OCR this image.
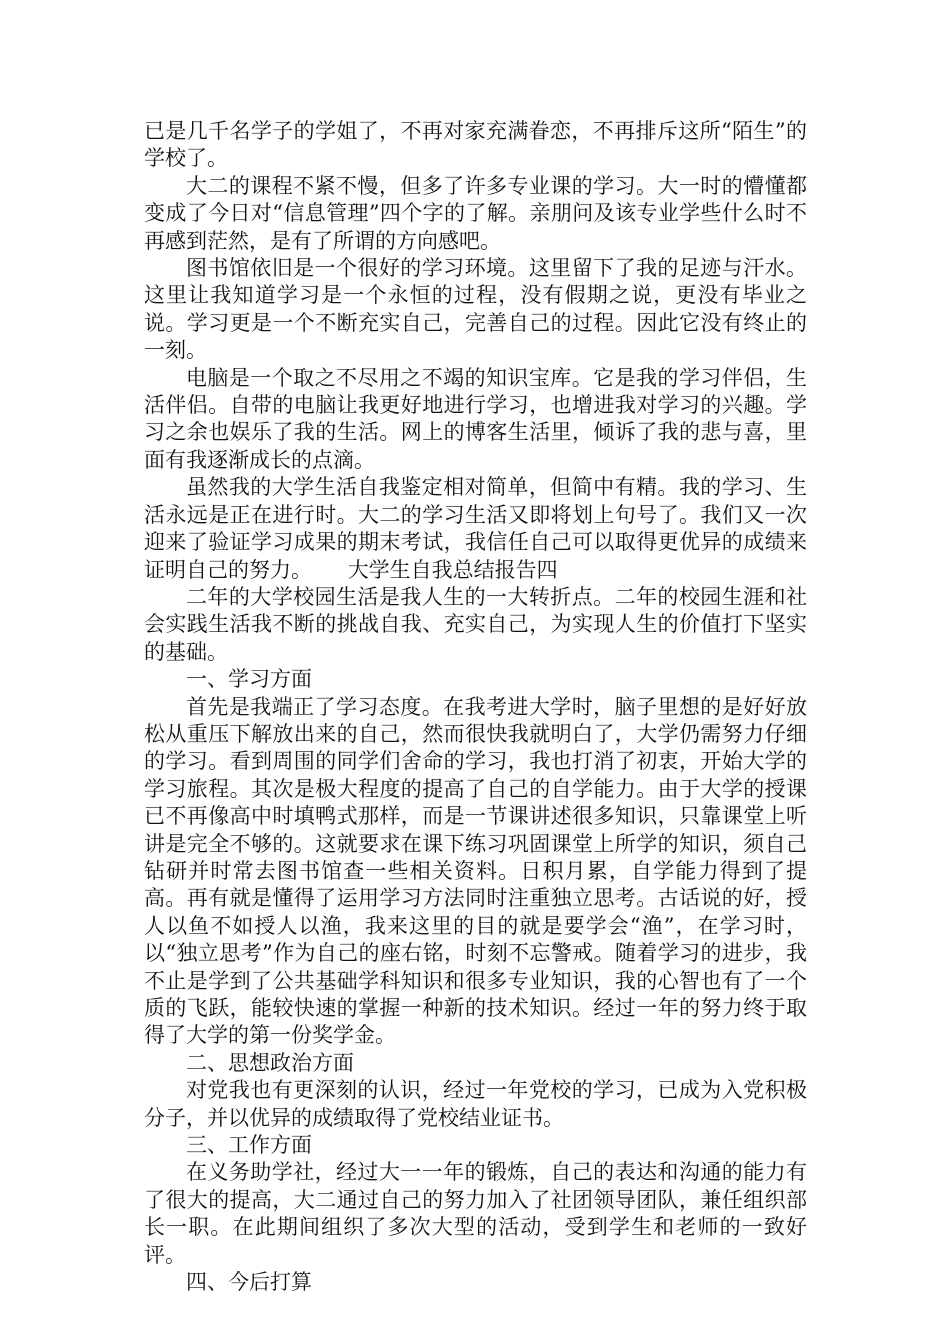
已是几千名学子的学姐了，不再对家充满眷恋，不再排斥这所“陌生”的学校了。

大二的课程不紧不慢，但多了许多专业课的学习。大一时的懵懂都变成了今日对“信息管理”四个字的了解。亲朋问及该专业学些什么时不再感到茫然，是有了所谓的方向感吧。

图书馆依旧是一个很好的学习环境。这里留下了我的足迹与汗水。这里让我知道学习是一个永恒的过程，没有假期之说，更没有毕业之说。学习更是一个不断充实自己，完善自己的过程。因此它没有终止的一刻。

电脑是一个取之不尽用之不竭的知识宝库。它是我的学习伴侣，生活伴侣。自带的电脑让我更好地进行学习，也增进我对学习的兴趣。学习之余也娱乐了我的生活。网上的博客生活里，倾诉了我的悲与喜，里面有我逐渐成长的点滴。

虽然我的大学生活自我鉴定相对简单，但简中有精。我的学习、生活永远是正在进行时。大二的学习生活又即将划上句号了。我们又一次迎来了验证学习成果的期末考试，我信任自己可以取得更优异的成绩来证明自己的努力。 大学生自我总结报告四

二年的大学校园生活是我人生的一大转折点。二年的校园生涯和社会实践生活我不断的挑战自我、充实自己，为实现人生的价值打下坚实的基础。

一、学习方面

首先是我端正了学习态度。在我考进大学时，脑子里想的是好好放松从重压下解放出来的自己，然而很快我就明白了，大学仍需努力仔细的学习。看到周围的同学们舍命的学习，我也打消了初衷，开始大学的学习旅程。其次是极大程度的提高了自己的自学能力。由于大学的授课已不再像高中时填鸭式那样，而是一节课讲述很多知识，只靠课堂上听讲是完全不够的。这就要求在课下练习巩固课堂上所学的知识，须自己钻研并时常去图书馆查一些相关资料。日积月累，自学能力得到了提高。再有就是懂得了运用学习方法同时注重独立思考。古话说的好，授人以鱼不如授人以渔，我来这里的目的就是要学会“渔”，在学习时，以“独立思考”作为自己的座右铭，时刻不忘警戒。随着学习的进步，我不止是学到了公共基础学科知识和很多专业知识，我的心智也有了一个质的飞跃，能较快速的掌握一种新的技术知识。经过一年的努力终于取得了大学的第一份奖学金。

二、思想政治方面

对党我也有更深刻的认识，经过一年党校的学习，已成为入党积极分子，并以优异的成绩取得了党校结业证书。

三、工作方面

在义务助学社，经过大一一年的锻炼，自己的表达和沟通的能力有了很大的提高，大二通过自己的努力加入了社团领导团队，兼任组织部长一职。在此期间组织了多次大型的活动，受到学生和老师的一致好评。

四、今后打算
